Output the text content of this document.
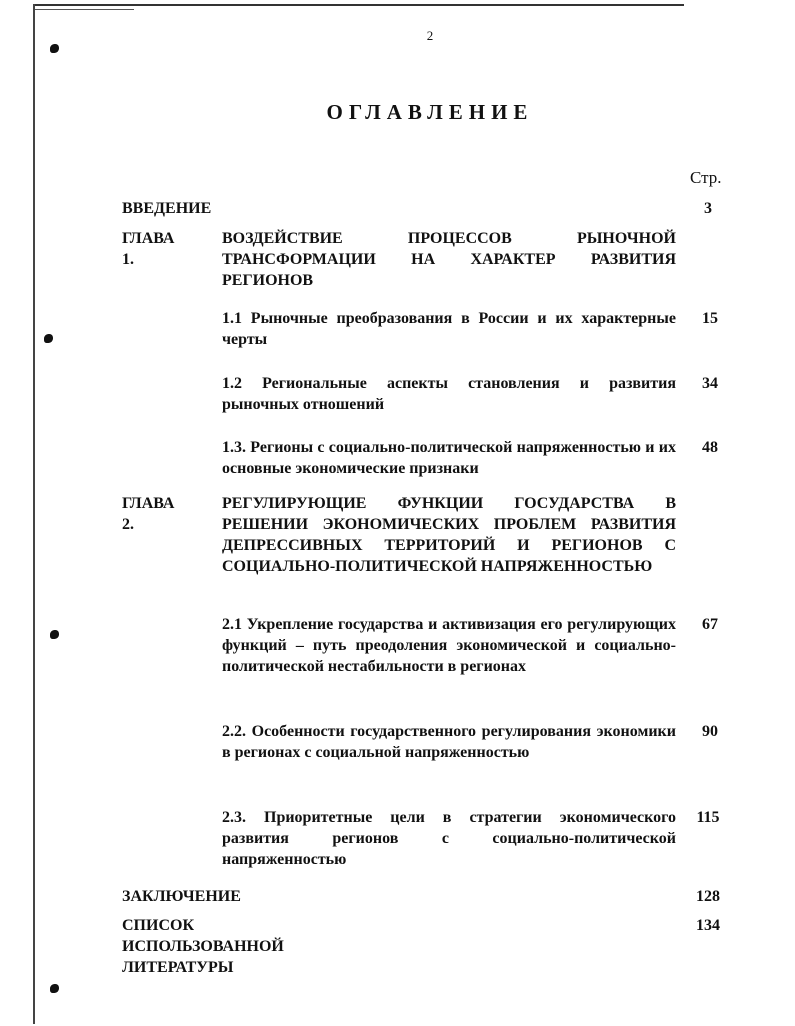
2
ОГЛАВЛЕНИЕ
Стр.
ВВЕДЕНИЕ	3
ГЛАВА 1.
ВОЗДЕЙСТВИЕ ПРОЦЕССОВ РЫНОЧНОЙ ТРАНСФОРМАЦИИ НА ХАРАКТЕР РАЗВИТИЯ РЕГИОНОВ
1.1 Рыночные преобразования в России и их характерные черты
15
1.2 Региональные аспекты становления и развития рыночных отношений
34
1.3. Регионы с социально-политической напряженностью и их основные экономические признаки
48
ГЛАВА 2.
РЕГУЛИРУЮЩИЕ ФУНКЦИИ ГОСУДАРСТВА В РЕШЕНИИ ЭКОНОМИЧЕСКИХ ПРОБЛЕМ РАЗВИТИЯ ДЕПРЕССИВНЫХ ТЕРРИТОРИЙ И РЕГИОНОВ С СОЦИАЛЬНО-ПОЛИТИЧЕСКОЙ НАПРЯЖЕННОСТЬЮ
2.1 Укрепление государства и активизация его регулирующих функций – путь преодоления экономической и социально-политической нестабильности в регионах
67
2.2. Особенности государственного регулирования экономики в регионах с социальной напряженностью
90
2.3. Приоритетные цели в стратегии экономического развития регионов с социально-политической напряженностью
115
ЗАКЛЮЧЕНИЕ	128
СПИСОК ИСПОЛЬЗОВАННОЙ ЛИТЕРАТУРЫ
134
